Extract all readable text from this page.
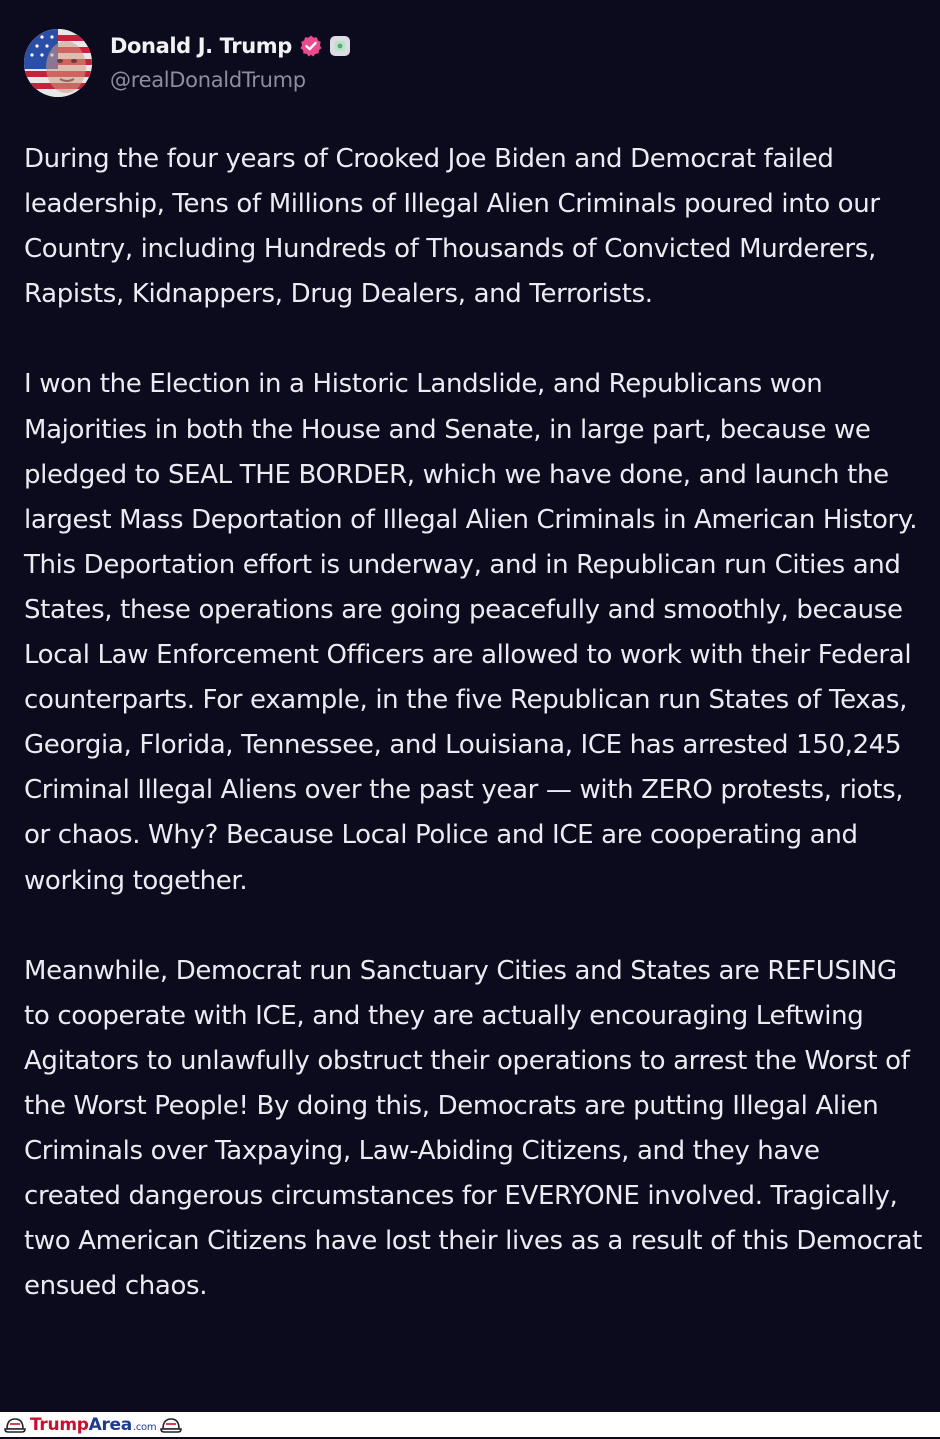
Donald J. Trump
@realDonaldTrump

During the four years of Crooked Joe Biden and Democrat failed leadership, Tens of Millions of Illegal Alien Criminals poured into our Country, including Hundreds of Thousands of Convicted Murderers, Rapists, Kidnappers, Drug Dealers, and Terrorists.

I won the Election in a Historic Landslide, and Republicans won Majorities in both the House and Senate, in large part, because we pledged to SEAL THE BORDER, which we have done, and launch the largest Mass Deportation of Illegal Alien Criminals in American History. This Deportation effort is underway, and in Republican run Cities and States, these operations are going peacefully and smoothly, because Local Law Enforcement Officers are allowed to work with their Federal counterparts. For example, in the five Republican run States of Texas, Georgia, Florida, Tennessee, and Louisiana, ICE has arrested 150,245 Criminal Illegal Aliens over the past year — with ZERO protests, riots, or chaos. Why? Because Local Police and ICE are cooperating and working together.

Meanwhile, Democrat run Sanctuary Cities and States are REFUSING to cooperate with ICE, and they are actually encouraging Leftwing Agitators to unlawfully obstruct their operations to arrest the Worst of the Worst People! By doing this, Democrats are putting Illegal Alien Criminals over Taxpaying, Law-Abiding Citizens, and they have created dangerous circumstances for EVERYONE involved. Tragically, two American Citizens have lost their lives as a result of this Democrat ensued chaos.

Trump Area .com
